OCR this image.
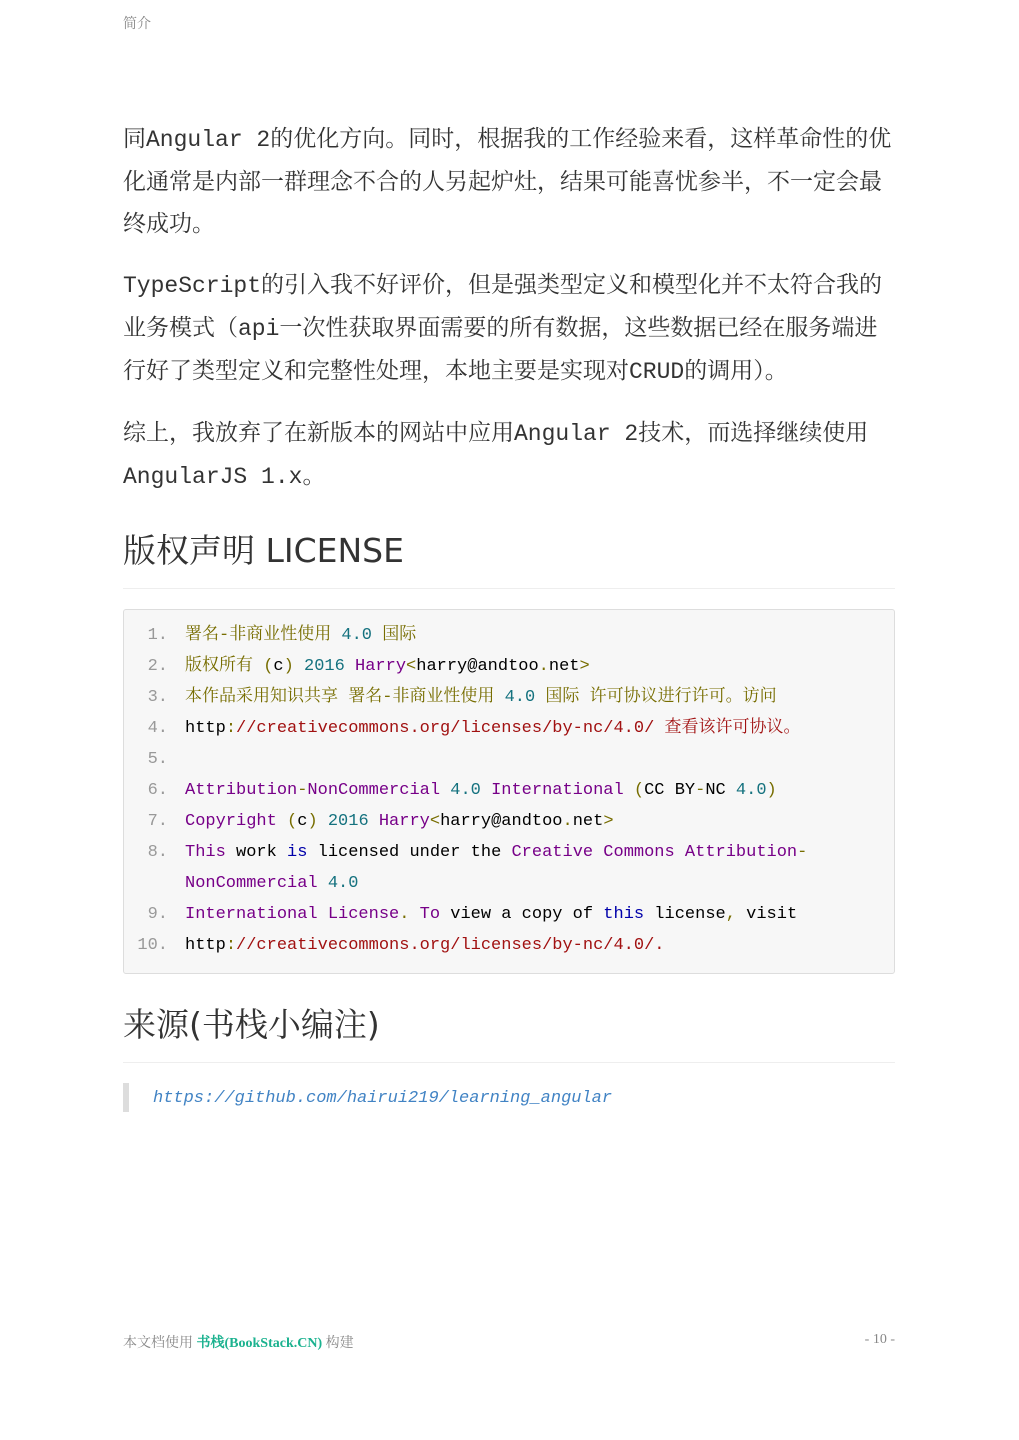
简介

同Angular 2的优化方向。同时，根据我的工作经验来看，这样革命性的优化通常是内部一群理念不合的人另起炉灶，结果可能喜忧参半，不一定会最终成功。

TypeScript的引入我不好评价，但是强类型定义和模型化并不太符合我的业务模式（api一次性获取界面需要的所有数据，这些数据已经在服务端进行好了类型定义和完整性处理，本地主要是实现对CRUD的调用）。

综上，我放弃了在新版本的网站中应用Angular 2技术，而选择继续使用AngularJS 1.x。

版权声明 LICENSE
1.	署名-非商业性使用 4.0 国际
2.	版权所有 (c) 2016 Harry<harry@andtoo.net>
3.	本作品采用知识共享 署名-非商业性使用 4.0 国际 许可协议进行许可。访问
4.	http://creativecommons.org/licenses/by-nc/4.0/ 查看该许可协议。
5.

6.	Attribution-NonCommercial 4.0 International (CC BY-NC 4.0)
7.	Copyright (c) 2016 Harry<harry@andtoo.net>
8.	This work is licensed under the Creative Commons Attribution-NonCommercial 4.0
9.	International License. To view a copy of this license, visit
10.	http://creativecommons.org/licenses/by-nc/4.0/.
来源(书栈小编注)
https://github.com/hairui219/learning_angular
本文档使用 书栈(BookStack.CN) 构建	- 10 -
